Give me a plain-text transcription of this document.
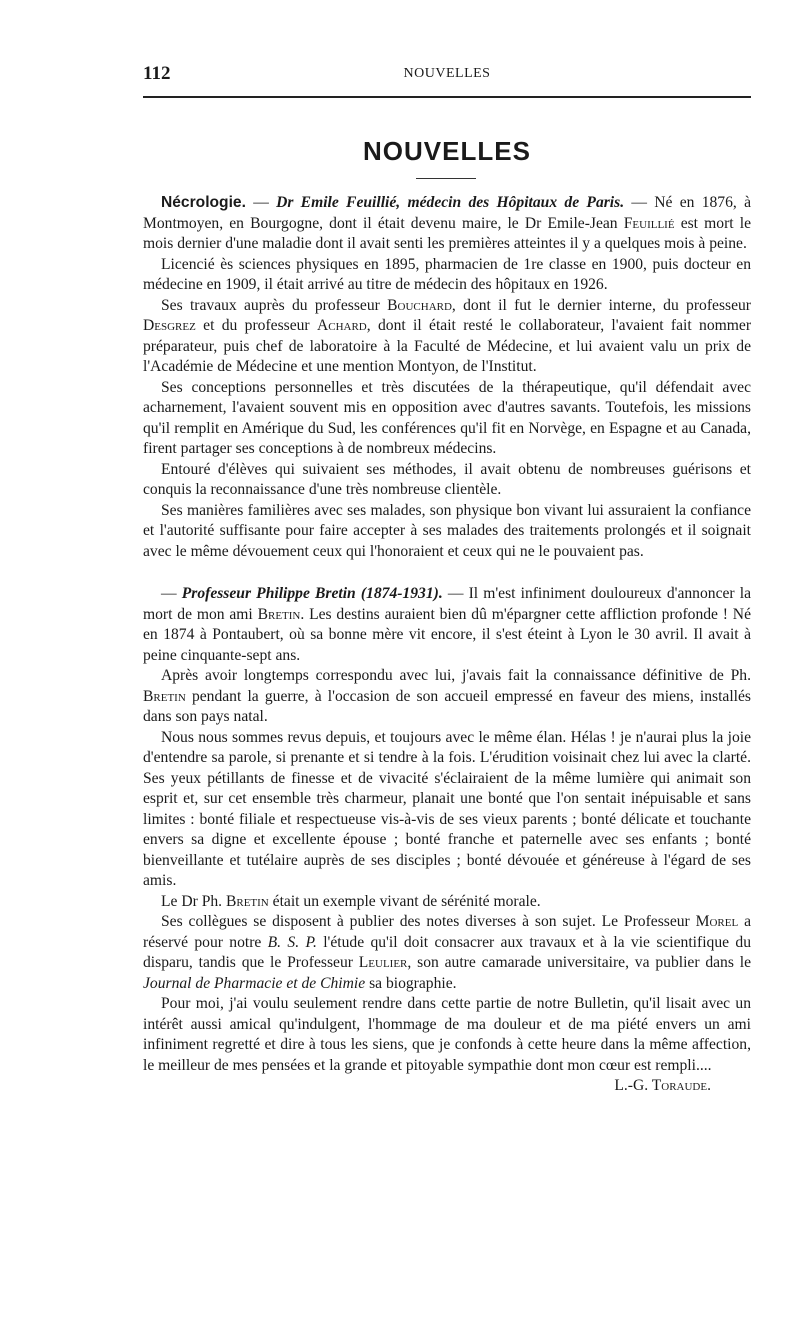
112	NOUVELLES
NOUVELLES

Nécrologie. — Dr Emile Feuillié, médecin des Hôpitaux de Paris. — Né en 1876, à Montmoyen, en Bourgogne, dont il était devenu maire, le Dr Emile-Jean Feuillié est mort le mois dernier d'une maladie dont il avait senti les premières atteintes il y a quelques mois à peine.

Licencié ès sciences physiques en 1895, pharmacien de 1re classe en 1900, puis docteur en médecine en 1909, il était arrivé au titre de médecin des hôpitaux en 1926.

Ses travaux auprès du professeur Bouchard, dont il fut le dernier interne, du professeur Desgrez et du professeur Achard, dont il était resté le collaborateur, l'avaient fait nommer préparateur, puis chef de laboratoire à la Faculté de Médecine, et lui avaient valu un prix de l'Académie de Médecine et une mention Montyon, de l'Institut.

Ses conceptions personnelles et très discutées de la thérapeutique, qu'il défendait avec acharnement, l'avaient souvent mis en opposition avec d'autres savants. Toutefois, les missions qu'il remplit en Amérique du Sud, les conférences qu'il fit en Norvège, en Espagne et au Canada, firent partager ses conceptions à de nombreux médecins.

Entouré d'élèves qui suivaient ses méthodes, il avait obtenu de nombreuses guérisons et conquis la reconnaissance d'une très nombreuse clientèle.

Ses manières familières avec ses malades, son physique bon vivant lui assuraient la confiance et l'autorité suffisante pour faire accepter à ses malades des traitements prolongés et il soignait avec le même dévouement ceux qui l'honoraient et ceux qui ne le pouvaient pas.

— Professeur Philippe Bretin (1874-1931). — Il m'est infiniment douloureux d'annoncer la mort de mon ami Bretin. Les destins auraient bien dû m'épargner cette affliction profonde ! Né en 1874 à Pontaubert, où sa bonne mère vit encore, il s'est éteint à Lyon le 30 avril. Il avait à peine cinquante-sept ans.

Après avoir longtemps correspondu avec lui, j'avais fait la connaissance définitive de Ph. Bretin pendant la guerre, à l'occasion de son accueil empressé en faveur des miens, installés dans son pays natal.

Nous nous sommes revus depuis, et toujours avec le même élan. Hélas ! je n'aurai plus la joie d'entendre sa parole, si prenante et si tendre à la fois. L'érudition voisinait chez lui avec la clarté. Ses yeux pétillants de finesse et de vivacité s'éclairaient de la même lumière qui animait son esprit et, sur cet ensemble très charmeur, planait une bonté que l'on sentait inépuisable et sans limites : bonté filiale et respectueuse vis-à-vis de ses vieux parents ; bonté délicate et touchante envers sa digne et excellente épouse ; bonté franche et paternelle avec ses enfants ; bonté bienveillante et tutélaire auprès de ses disciples ; bonté dévouée et généreuse à l'égard de ses amis.

Le Dr Ph. Bretin était un exemple vivant de sérénité morale.

Ses collègues se disposent à publier des notes diverses à son sujet. Le Professeur Morel a réservé pour notre B. S. P. l'étude qu'il doit consacrer aux travaux et à la vie scientifique du disparu, tandis que le Professeur Leulier, son autre camarade universitaire, va publier dans le Journal de Pharmacie et de Chimie sa biographie.

Pour moi, j'ai voulu seulement rendre dans cette partie de notre Bulletin, qu'il lisait avec un intérêt aussi amical qu'indulgent, l'hommage de ma douleur et de ma piété envers un ami infiniment regretté et dire à tous les siens, que je confonds à cette heure dans la même affection, le meilleur de mes pensées et la grande et pitoyable sympathie dont mon cœur est rempli....

L.-G. Toraude.
